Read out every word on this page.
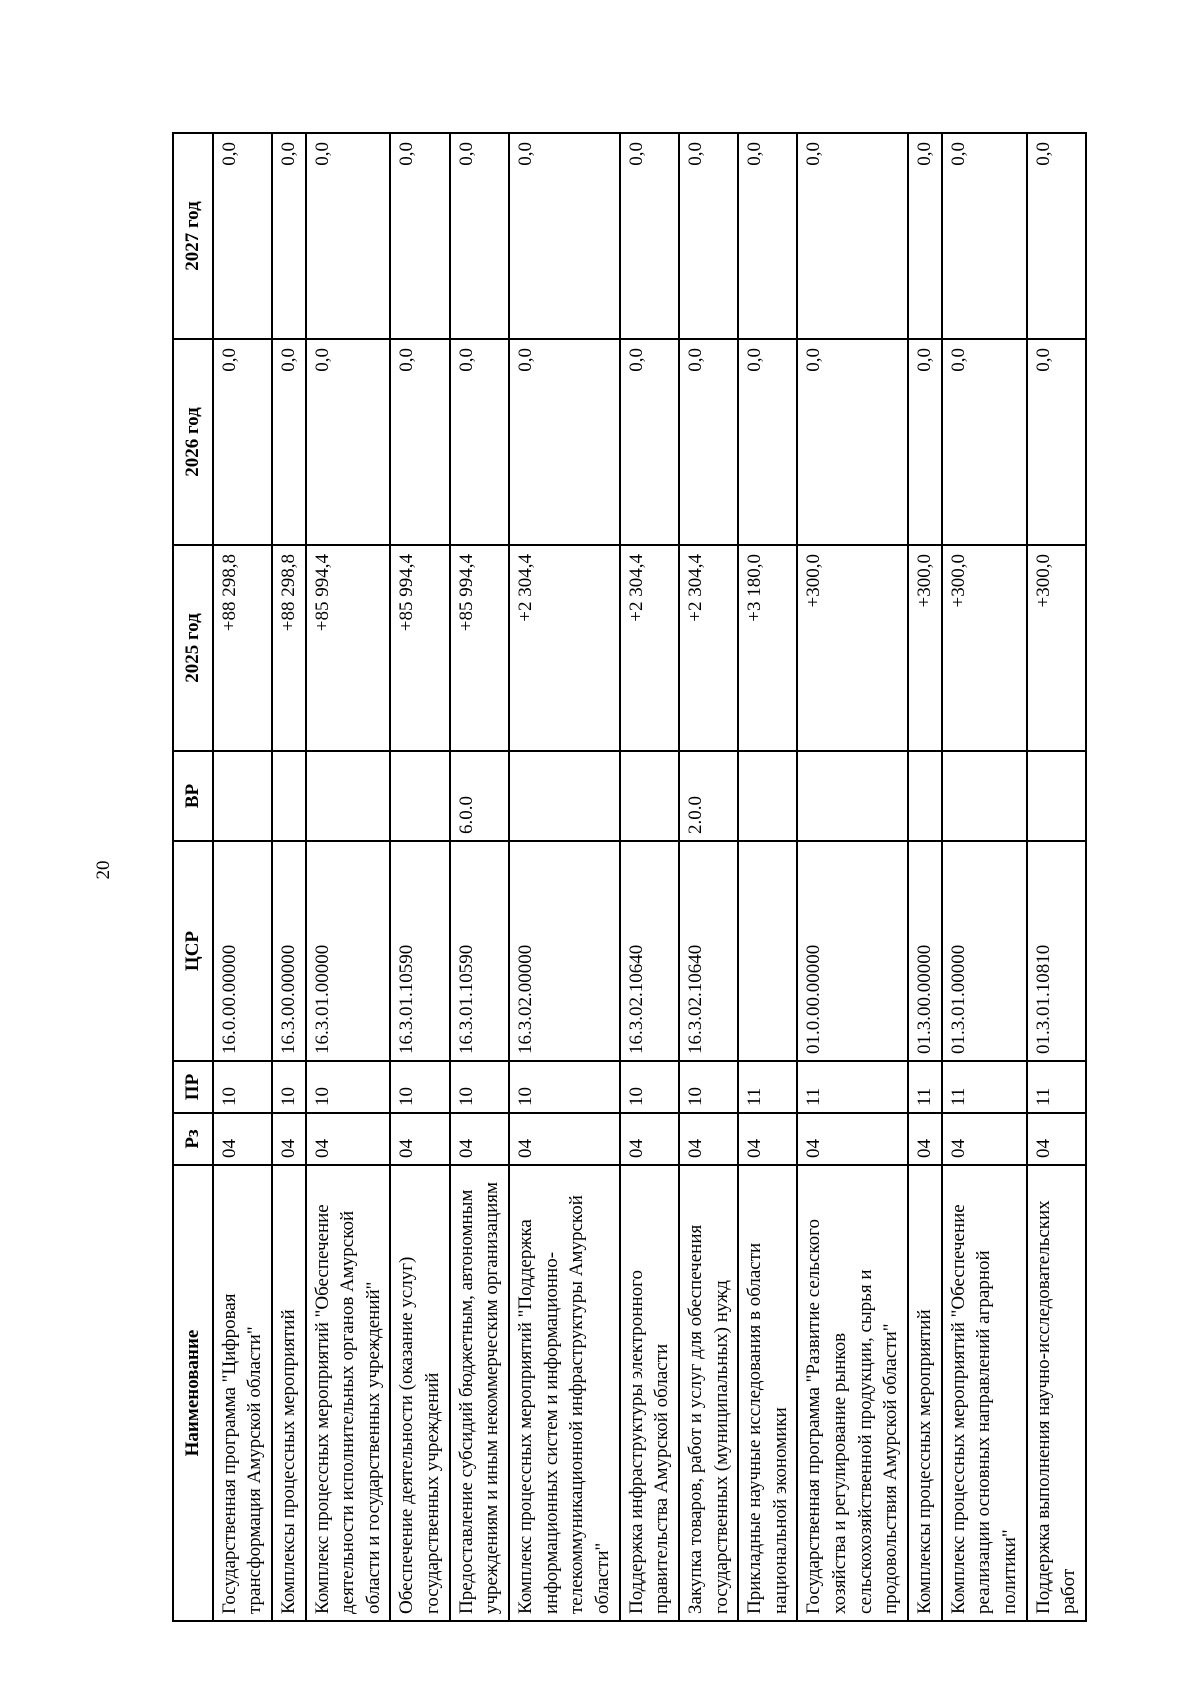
20
Наименование	Рз	ПР	ЦСР	ВР	2025 год	2026 год	2027 год
Государственная программа "Цифровая трансформация Амурской области"	04	10	16.0.00.00000		+88 298,8	0,0	0,0
Комплексы процессных мероприятий	04	10	16.3.00.00000		+88 298,8	0,0	0,0
Комплекс процессных мероприятий "Обеспечение деятельности исполнительных органов Амурской области и государственных учреждений"	04	10	16.3.01.00000		+85 994,4	0,0	0,0
Обеспечение деятельности (оказание услуг) государственных учреждений	04	10	16.3.01.10590		+85 994,4	0,0	0,0
Предоставление субсидий бюджетным, автономным учреждениям и иным некоммерческим организациям	04	10	16.3.01.10590	6.0.0	+85 994,4	0,0	0,0
Комплекс процессных мероприятий "Поддержка информационных систем и информационно-телекоммуникационной инфраструктуры Амурской области"	04	10	16.3.02.00000		+2 304,4	0,0	0,0
Поддержка инфраструктуры электронного правительства Амурской области	04	10	16.3.02.10640		+2 304,4	0,0	0,0
Закупка товаров, работ и услуг для обеспечения государственных (муниципальных) нужд	04	10	16.3.02.10640	2.0.0	+2 304,4	0,0	0,0
Прикладные научные исследования в области национальной экономики	04	11			+3 180,0	0,0	0,0
Государственная программа "Развитие сельского хозяйства и регулирование рынков сельскохозяйственной продукции, сырья и продовольствия Амурской области"	04	11	01.0.00.00000		+300,0	0,0	0,0
Комплексы процессных мероприятий	04	11	01.3.00.00000		+300,0	0,0	0,0
Комплекс процессных мероприятий "Обеспечение реализации основных направлений аграрной политики"	04	11	01.3.01.00000		+300,0	0,0	0,0
Поддержка выполнения научно-исследовательских работ	04	11	01.3.01.10810		+300,0	0,0	0,0
